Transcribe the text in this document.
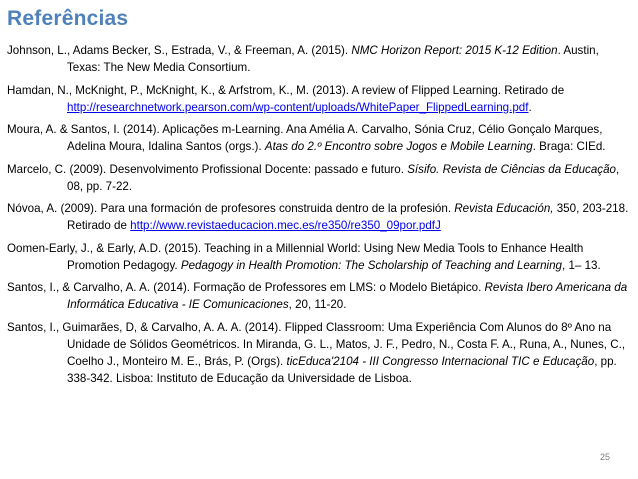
Referências

Johnson, L., Adams Becker, S., Estrada, V., & Freeman, A. (2015). NMC Horizon Report: 2015 K-12 Edition. Austin, Texas: The New Media Consortium.

Hamdan, N., McKnight, P., McKnight, K., & Arfstrom, K., M. (2013). A review of Flipped Learning. Retirado de http://researchnetwork.pearson.com/wp-content/uploads/WhitePaper_FlippedLearning.pdf.

Moura, A. & Santos, I. (2014). Aplicações m-Learning. Ana Amélia A. Carvalho, Sónia Cruz, Célio Gonçalo Marques, Adelina Moura, Idalina Santos (orgs.). Atas do 2.º Encontro sobre Jogos e Mobile Learning. Braga: CIEd.

Marcelo, C. (2009). Desenvolvimento Profissional Docente: passado e futuro. Sísifo. Revista de Ciências da Educação, 08, pp. 7-22.

Nóvoa, A. (2009). Para una formación de profesores construida dentro de la profesión. Revista Educación, 350, 203-218. Retirado de http://www.revistaeducacion.mec.es/re350/re350_09por.pdfJ

Oomen-Early, J., & Early, A.D. (2015). Teaching in a Millennial World: Using New Media Tools to Enhance Health Promotion Pedagogy. Pedagogy in Health Promotion: The Scholarship of Teaching and Learning, 1– 13.

Santos, I., & Carvalho, A. A. (2014). Formação de Professores em LMS: o Modelo Bietápico. Revista Ibero Americana da Informática Educativa - IE Comunicaciones, 20, 11-20.

Santos, I., Guimarães, D, & Carvalho, A. A. A. (2014). Flipped Classroom: Uma Experiência Com Alunos do 8º Ano na Unidade de Sólidos Geométricos. In Miranda, G. L., Matos, J. F., Pedro, N., Costa F. A., Runa, A., Nunes, C., Coelho J., Monteiro M. E., Brás, P. (Orgs). ticEduca'2104 - III Congresso Internacional TIC e Educação, pp. 338-342. Lisboa: Instituto de Educação da Universidade de Lisboa.

25
